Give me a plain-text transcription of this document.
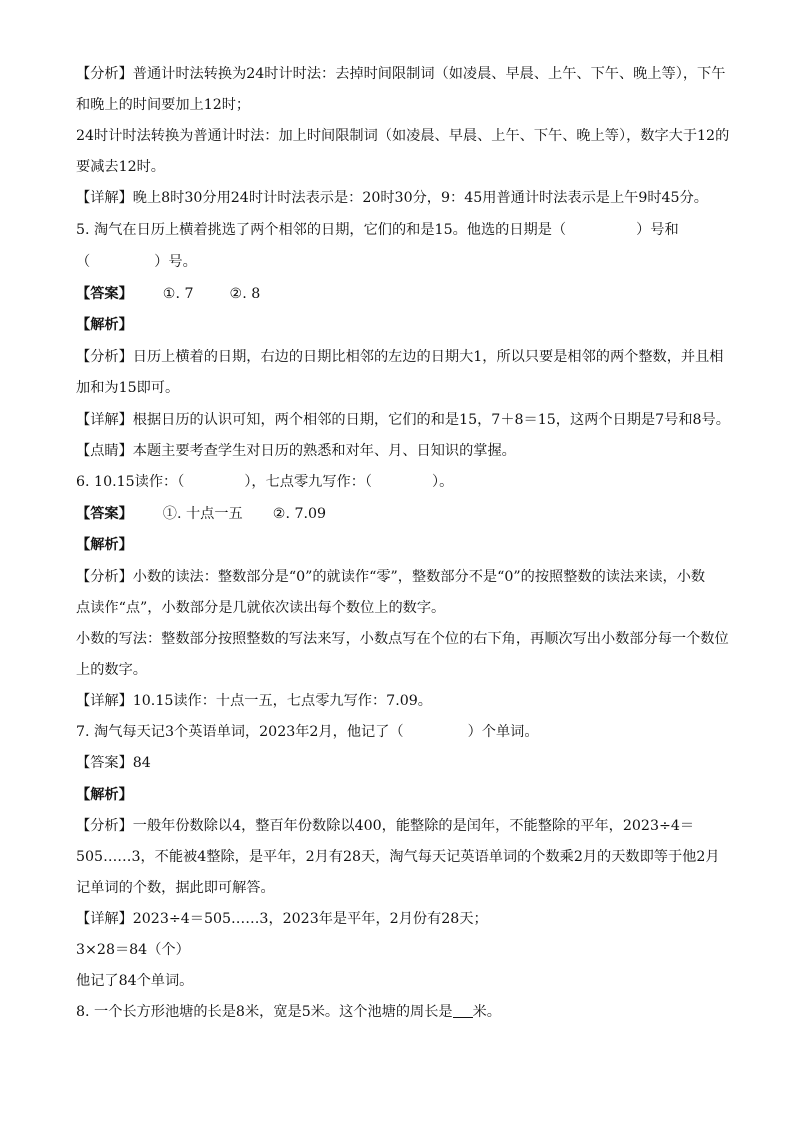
【分析】普通计时法转换为24时计时法：去掉时间限制词（如凌晨、早晨、上午、下午、晚上等），下午
和晚上的时间要加上12时；
24时计时法转换为普通计时法：加上时间限制词（如凌晨、早晨、上午、下午、晚上等），数字大于12的
要减去12时。
【详解】晚上8时30分用24时计时法表示是：20时30分，9：45用普通计时法表示是上午9时45分。
5. 淘气在日历上横着挑选了两个相邻的日期，它们的和是15。他选的日期是（	）号和
（	）号。
【答案】 ①. 7	②. 8
【解析】
【分析】日历上横着的日期，右边的日期比相邻的左边的日期大1，所以只要是相邻的两个整数，并且相
加和为15即可。
【详解】根据日历的认识可知，两个相邻的日期，它们的和是15，7＋8＝15，这两个日期是7号和8号。
【点睛】本题主要考查学生对日历的熟悉和对年、月、日知识的掌握。
6. 10.15读作：（	），七点零九写作：（	）。
【答案】 ①. 十点一五 ②. 7.09
【解析】
【分析】小数的读法：整数部分是“0”的就读作“零”，整数部分不是“0”的按照整数的读法来读，小数
点读作“点”，小数部分是几就依次读出每个数位上的数字。
小数的写法：整数部分按照整数的写法来写，小数点写在个位的右下角，再顺次写出小数部分每一个数位
上的数字。
【详解】10.15读作：十点一五，七点零九写作：7.09。
7. 淘气每天记3个英语单词，2023年2月，他记了（	）个单词。
【答案】84
【解析】
【分析】一般年份数除以4，整百年份数除以400，能整除的是闰年，不能整除的平年，2023÷4＝
505……3，不能被4整除，是平年，2月有28天，淘气每天记英语单词的个数乘2月的天数即等于他2月
记单词的个数，据此即可解答。
【详解】2023÷4＝505……3，2023年是平年，2月份有28天；
3×28＝84（个）
他记了84个单词。
8. 一个长方形池塘的长是8米，宽是5米。这个池塘的周长是 米。
